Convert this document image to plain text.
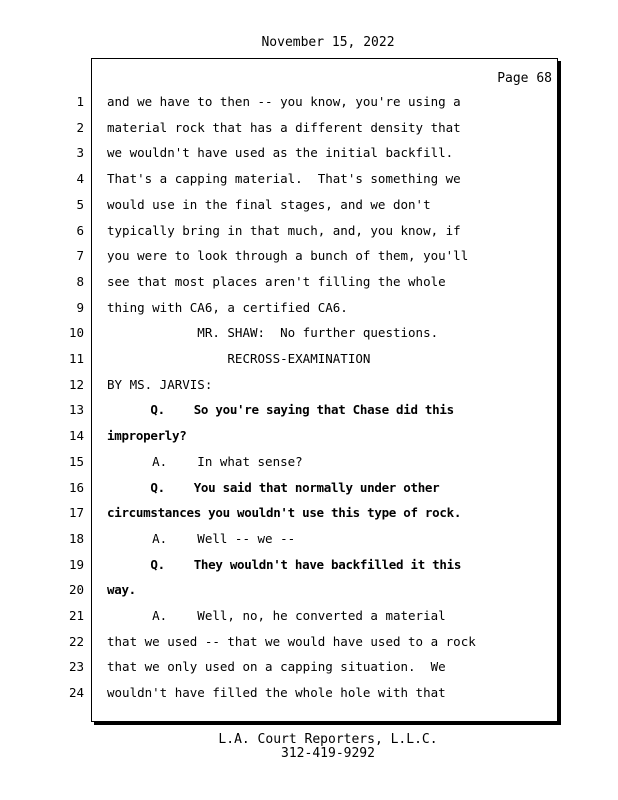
November 15, 2022
Page 68
1 and we have to then -- you know, you're using a
2 material rock that has a different density that
3 we wouldn't have used as the initial backfill.
4 That's a capping material.  That's something we
5 would use in the final stages, and we don't
6 typically bring in that much, and, you know, if
7 you were to look through a bunch of them, you'll
8 see that most places aren't filling the whole
9 thing with CA6, a certified CA6.
10 MR. SHAW:  No further questions.
11 RECROSS-EXAMINATION
12 BY MS. JARVIS:
13 Q.    So you're saying that Chase did this
14 improperly?
15 A.    In what sense?
16 Q.    You said that normally under other
17 circumstances you wouldn't use this type of rock.
18 A.    Well -- we --
19 Q.    They wouldn't have backfilled it this
20 way.
21 A.    Well, no, he converted a material
22 that we used -- that we would have used to a rock
23 that we only used on a capping situation.  We
24 wouldn't have filled the whole hole with that
L.A. Court Reporters, L.L.C.
312-419-9292
